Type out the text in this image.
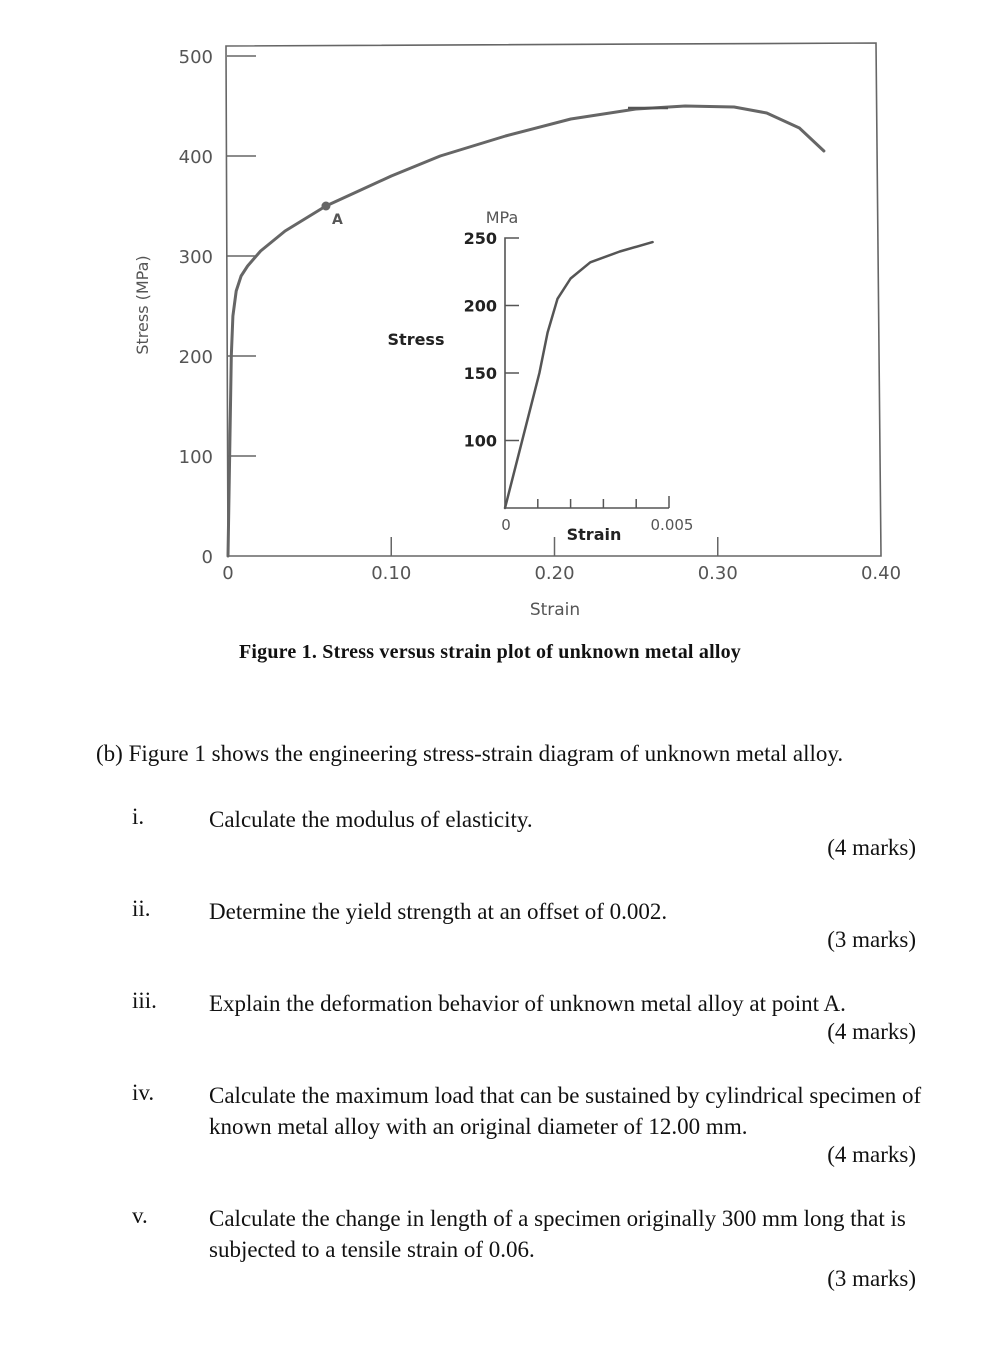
0
100
200
300
400
500
0	0.10	0.20	0.30	0.40
A
Stress (MPa)
Strain
100
150
200
250
MPa
Stress
Strain
0	0.005
Figure 1. Stress versus strain plot of unknown metal alloy
(b) Figure 1 shows the engineering stress-strain diagram of unknown metal alloy.
i.	Calculate the modulus of elasticity.
(4 marks)
ii.	Determine the yield strength at an offset of 0.002.
(3 marks)
iii. Explain the deformation behavior of unknown metal alloy at point A.
(4 marks)
iv. Calculate the maximum load that can be sustained by cylindrical specimen of known metal alloy with an original diameter of 12.00 mm.
(4 marks)
v.	Calculate the change in length of a specimen originally 300 mm long that is subjected to a tensile strain of 0.06.
(3 marks)
